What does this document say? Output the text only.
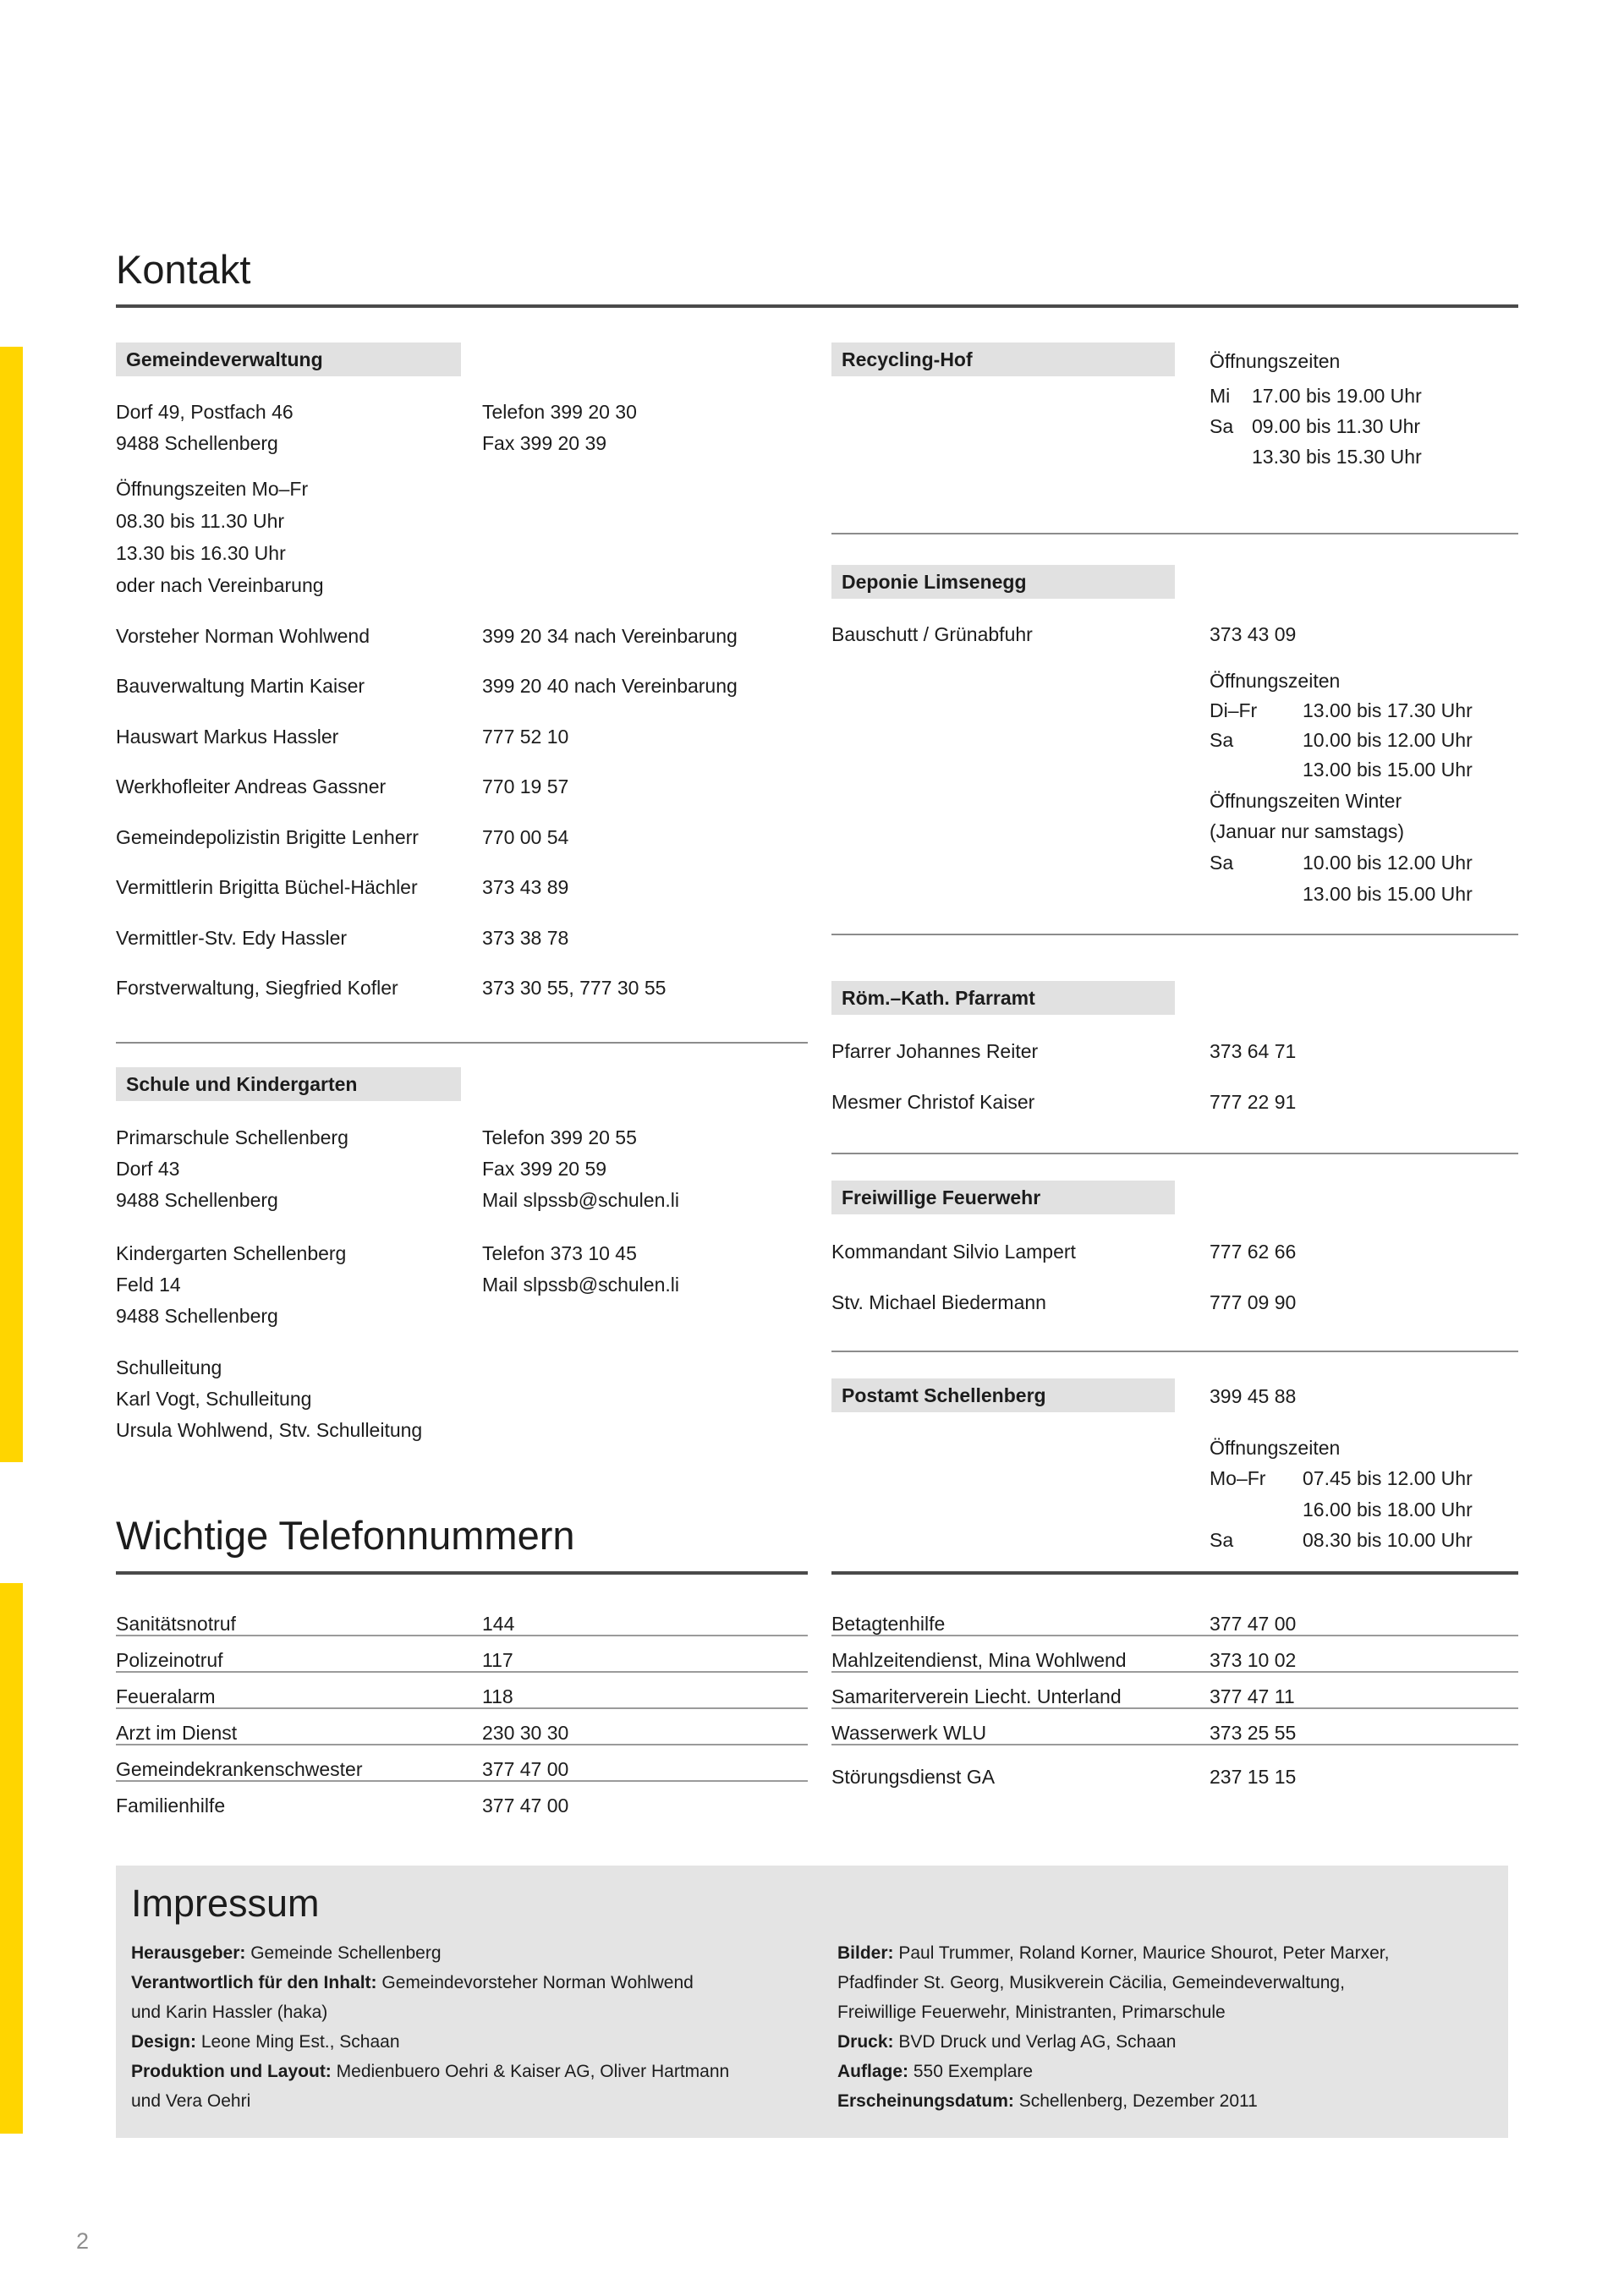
Kontakt
Gemeindeverwaltung
Dorf 49, Postfach 46	Telefon 399 20 30
9488 Schellenberg	Fax 399 20 39
Öffnungszeiten Mo–Fr
08.30 bis 11.30 Uhr
13.30 bis 16.30 Uhr
oder nach Vereinbarung
Vorsteher Norman Wohlwend	399 20 34 nach Vereinbarung
Bauverwaltung Martin Kaiser	399 20 40 nach Vereinbarung
Hauswart Markus Hassler	777 52 10
Werkhofleiter Andreas Gassner	770 19 57
Gemeindepolizistin Brigitte Lenherr	770 00 54
Vermittlerin Brigitta Büchel-Hächler	373 43 89
Vermittler-Stv. Edy Hassler	373 38 78
Forstverwaltung, Siegfried Kofler	373 30 55, 777 30 55
Schule und Kindergarten
Primarschule Schellenberg	Telefon 399 20 55
Dorf 43	Fax 399 20 59
9488 Schellenberg	Mail slpssb@schulen.li
Kindergarten Schellenberg	Telefon 373 10 45
Feld 14	Mail slpssb@schulen.li
9488 Schellenberg
Schulleitung
Karl Vogt, Schulleitung
Ursula Wohlwend, Stv. Schulleitung
Recycling-Hof	Öffnungszeiten
Mi 17.00 bis 19.00 Uhr
Sa 09.00 bis 11.30 Uhr
13.30 bis 15.30 Uhr
Deponie Limsenegg
Bauschutt / Grünabfuhr	373 43 09
Öffnungszeiten
Di–Fr 13.00 bis 17.30 Uhr
Sa	10.00 bis 12.00 Uhr
13.00 bis 15.00 Uhr
Öffnungszeiten Winter
(Januar nur samstags)
Sa	10.00 bis 12.00 Uhr
13.00 bis 15.00 Uhr
Röm.–Kath. Pfarramt
Pfarrer Johannes Reiter	373 64 71
Mesmer Christof Kaiser	777 22 91
Freiwillige Feuerwehr
Kommandant Silvio Lampert	777 62 66
Stv. Michael Biedermann	777 09 90
Postamt Schellenberg	399 45 88
Öffnungszeiten
Mo–Fr 07.45 bis 12.00 Uhr
16.00 bis 18.00 Uhr
Sa	08.30 bis 10.00 Uhr
Wichtige Telefonnummern
Sanitätsnotruf	144
Polizeinotruf	117
Feueralarm	118
Arzt im Dienst	230 30 30
Gemeindekrankenschwester	377 47 00
Familienhilfe	377 47 00
Betagtenhilfe	377 47 00
Mahlzeitendienst, Mina Wohlwend	373 10 02
Samariterverein Liecht. Unterland	377 47 11
Wasserwerk WLU	373 25 55
Störungsdienst GA	237 15 15
Impressum
Herausgeber: Gemeinde Schellenberg
Verantwortlich für den Inhalt: Gemeindevorsteher Norman Wohlwend
und Karin Hassler (haka)
Design: Leone Ming Est., Schaan
Produktion und Layout: Medienbuero Oehri & Kaiser AG, Oliver Hartmann
und Vera Oehri
Bilder: Paul Trummer, Roland Korner, Maurice Shourot, Peter Marxer,
Pfadfinder St. Georg, Musikverein Cäcilia, Gemeindeverwaltung,
Freiwillige Feuerwehr, Ministranten, Primarschule
Druck: BVD Druck und Verlag AG, Schaan
Auflage: 550 Exemplare
Erscheinungsdatum: Schellenberg, Dezember 2011
2
